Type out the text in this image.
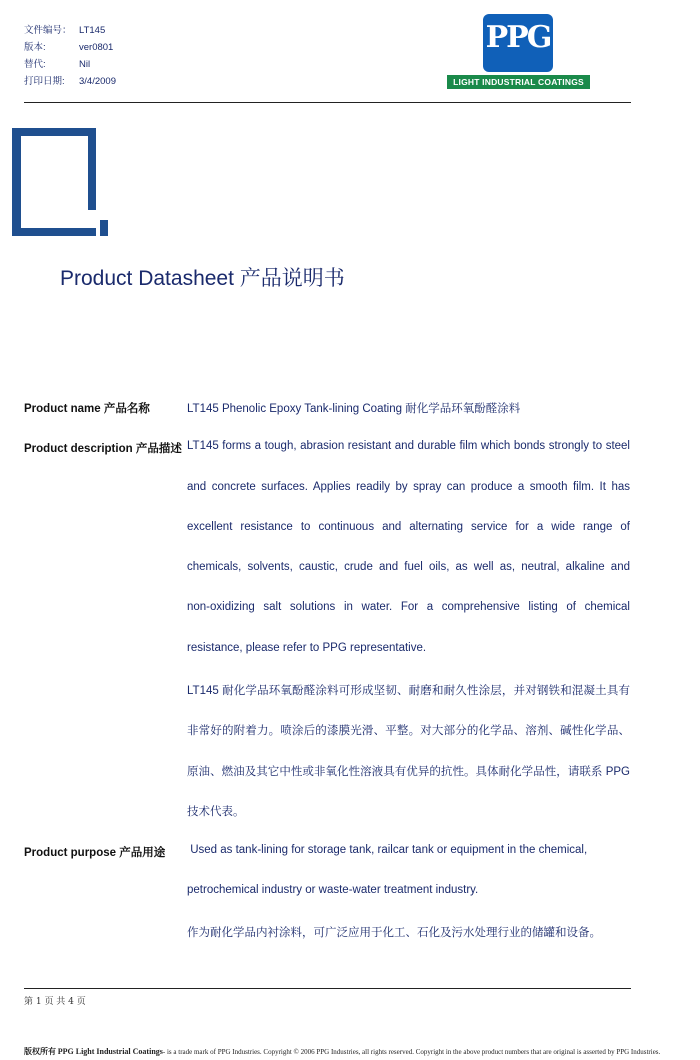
文件编号： LT145
版本:	ver0801
替代:	Nil
打印日期:	3/4/2009
PPG
LIGHT INDUSTRIAL COATINGS
Product Datasheet 产品说明书
Product name 产品名称	LT145 Phenolic Epoxy Tank-lining Coating 耐化学品环氧酚醛涂料
Product description 产品描述 LT145 forms a tough, abrasion resistant and durable film which bonds strongly to steel
and concrete surfaces. Applies readily by spray can produce a smooth film. It has
excellent resistance to continuous and alternating service for a wide range of
chemicals, solvents, caustic, crude and fuel oils, as well as, neutral, alkaline and
non-oxidizing salt solutions in water. For a comprehensive listing of chemical
resistance, please refer to PPG representative.
LT145 耐化学品环氧酚醛涂料可形成坚韧、耐磨和耐久性涂层，并对钢铁和混凝土具有
非常好的附着力。喷涂后的漆膜光滑、平整。对大部分的化学品、溶剂、碱性化学品、
原油、燃油及其它中性或非氧化性溶液具有优异的抗性。具体耐化学品性，请联系 PPG
技术代表。
Product purpose 产品用途 Used as tank-lining for storage tank, railcar tank or equipment in the chemical,
petrochemical industry or waste-water treatment industry.
作为耐化学品内衬涂料，可广泛应用于化工、石化及污水处理行业的储罐和设备。
第 1 页 共 4 页
版权所有 PPG Light Industrial Coatings- is a trade mark of PPG Industries. Copyright © 2006 PPG Industries, all rights reserved. Copyright in the above product numbers that are original is asserted by PPG Industries.
